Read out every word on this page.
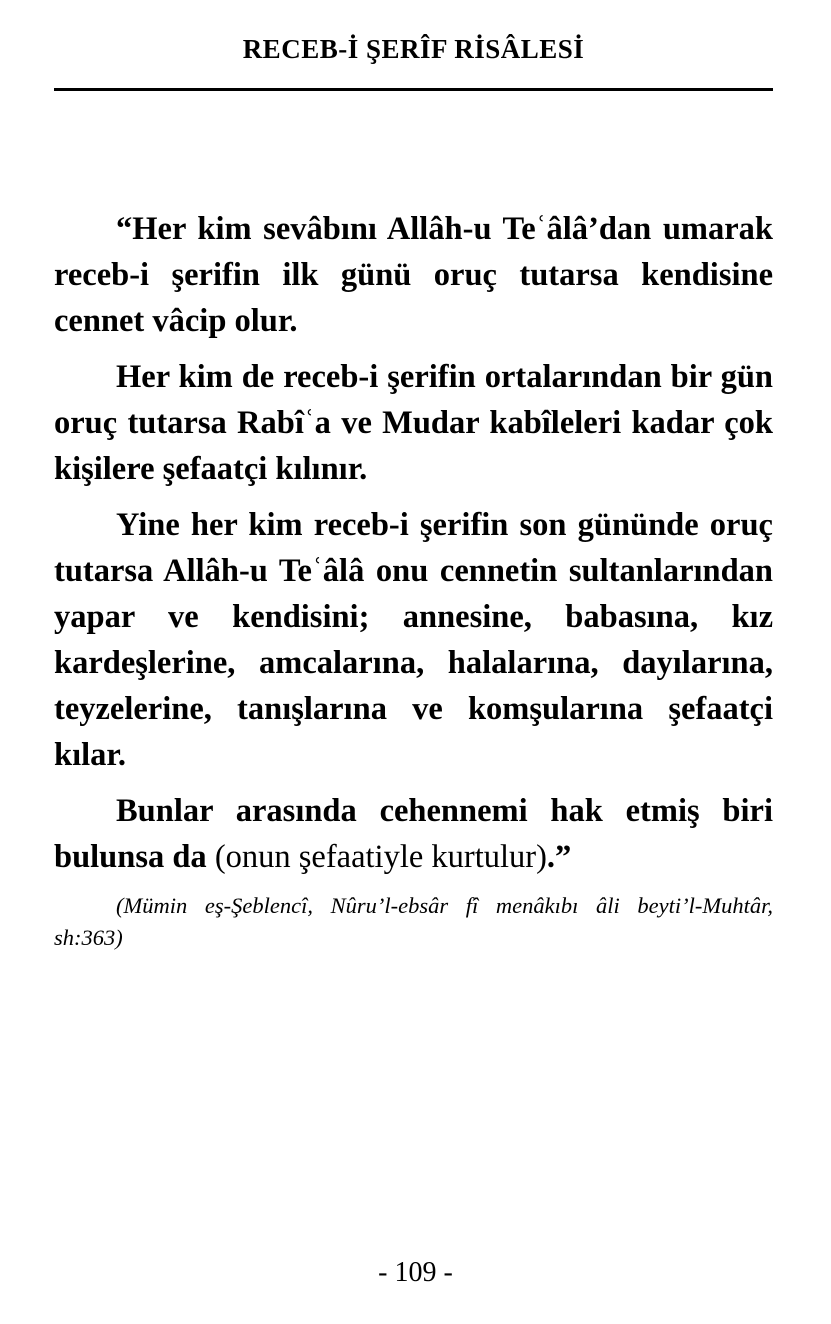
RECEB-İ ŞERÎF RİSÂLESİ

“Her kim sevâbını Allâh-u Teʿâlâ’dan umarak receb-i şerifin ilk günü oruç tutarsa kendisine cennet vâcip olur.

Her kim de receb-i şerifin ortalarından bir gün oruç tutarsa Rabîʿa ve Mudar kabîleleri kadar çok kişilere şefaatçi kılınır.

Yine her kim receb-i şerifin son gününde oruç tutarsa Allâh-u Teʿâlâ onu cennetin sultanlarından yapar ve kendisini; annesine, babasına, kız kardeşlerine, amcalarına, halalarına, dayılarına, teyzelerine, tanışlarına ve komşularına şefaatçi kılar.

Bunlar arasında cehennemi hak etmiş biri bulunsa da (onun şefaatiyle kurtulur).”

(Mümin eş-Şeblencî, Nûru’l-ebsâr fî menâkıbı âli beyti’l-Muhtâr, sh:363)

- 109 -
